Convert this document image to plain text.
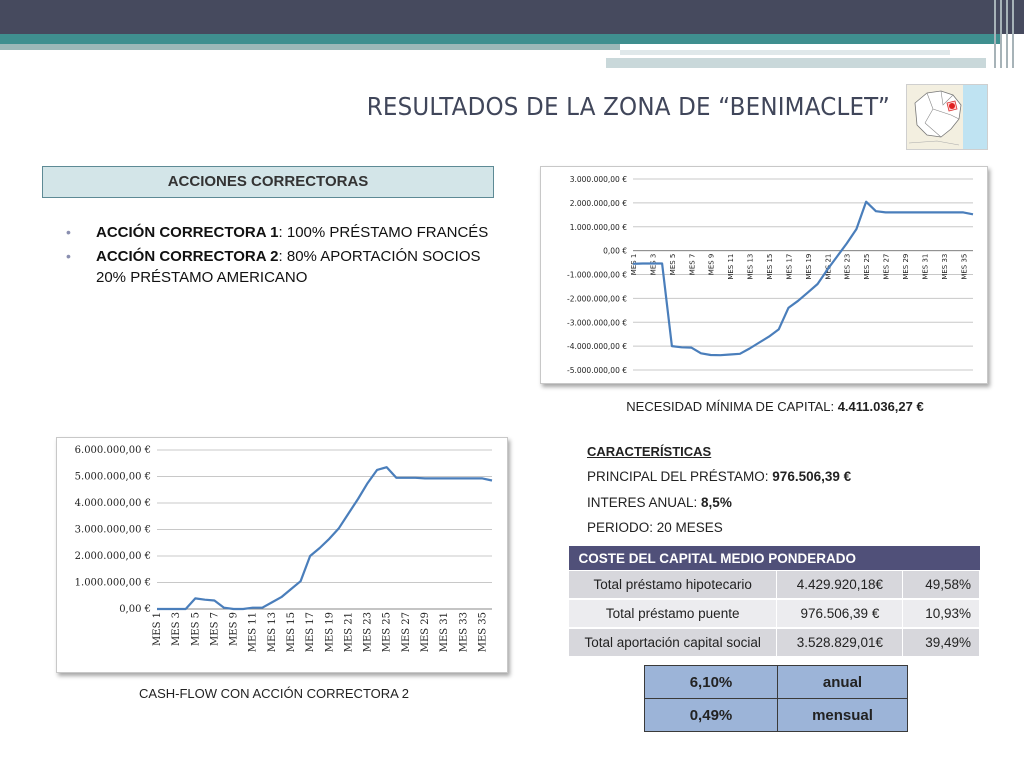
RESULTADOS DE LA ZONA DE “BENIMACLET”
ACCIONES CORRECTORAS
• ACCIÓN CORRECTORA 1: 100% PRÉSTAMO FRANCÉS
• ACCIÓN CORRECTORA 2: 80% APORTACIÓN SOCIOS 20% PRÉSTAMO AMERICANO
3.000.000,00 €
2.000.000,00 €
1.000.000,00 €
0,00 €
-1.000.000,00 €
-2.000.000,00 €
-3.000.000,00 €
-4.000.000,00 €
-5.000.000,00 €
MES 1 MES 3 MES 5 MES 7 MES 9 MES 11 MES 13 MES 15 MES 17 MES 19 MES 21 MES 23 MES 25 MES 27 MES 29 MES 31 MES 33 MES 35
6.000.000,00 €
5.000.000,00 €
4.000.000,00 €
3.000.000,00 €
2.000.000,00 €
1.000.000,00 €
0,00 €
MES 1 MES 3 MES 5 MES 7 MES 9 MES 11 MES 13 MES 15 MES 17 MES 19 MES 21 MES 23 MES 25 MES 27 MES 29 MES 31 MES 33 MES 35
NECESIDAD MÍNIMA DE CAPITAL: 4.411.036,27 €
CASH-FLOW CON ACCIÓN CORRECTORA 2
CARACTERÍSTICAS
PRINCIPAL DEL PRÉSTAMO: 976.506,39 €
INTERES ANUAL: 8,5%
PERIODO: 20 MESES
COSTE DEL CAPITAL MEDIO PONDERADO		
Total préstamo hipotecario	4.429.920,18€	49,58%
Total préstamo puente	976.506,39 €	10,93%
Total aportación capital social	3.528.829,01€	39,49%
6,10%	anual
0,49%	mensual
